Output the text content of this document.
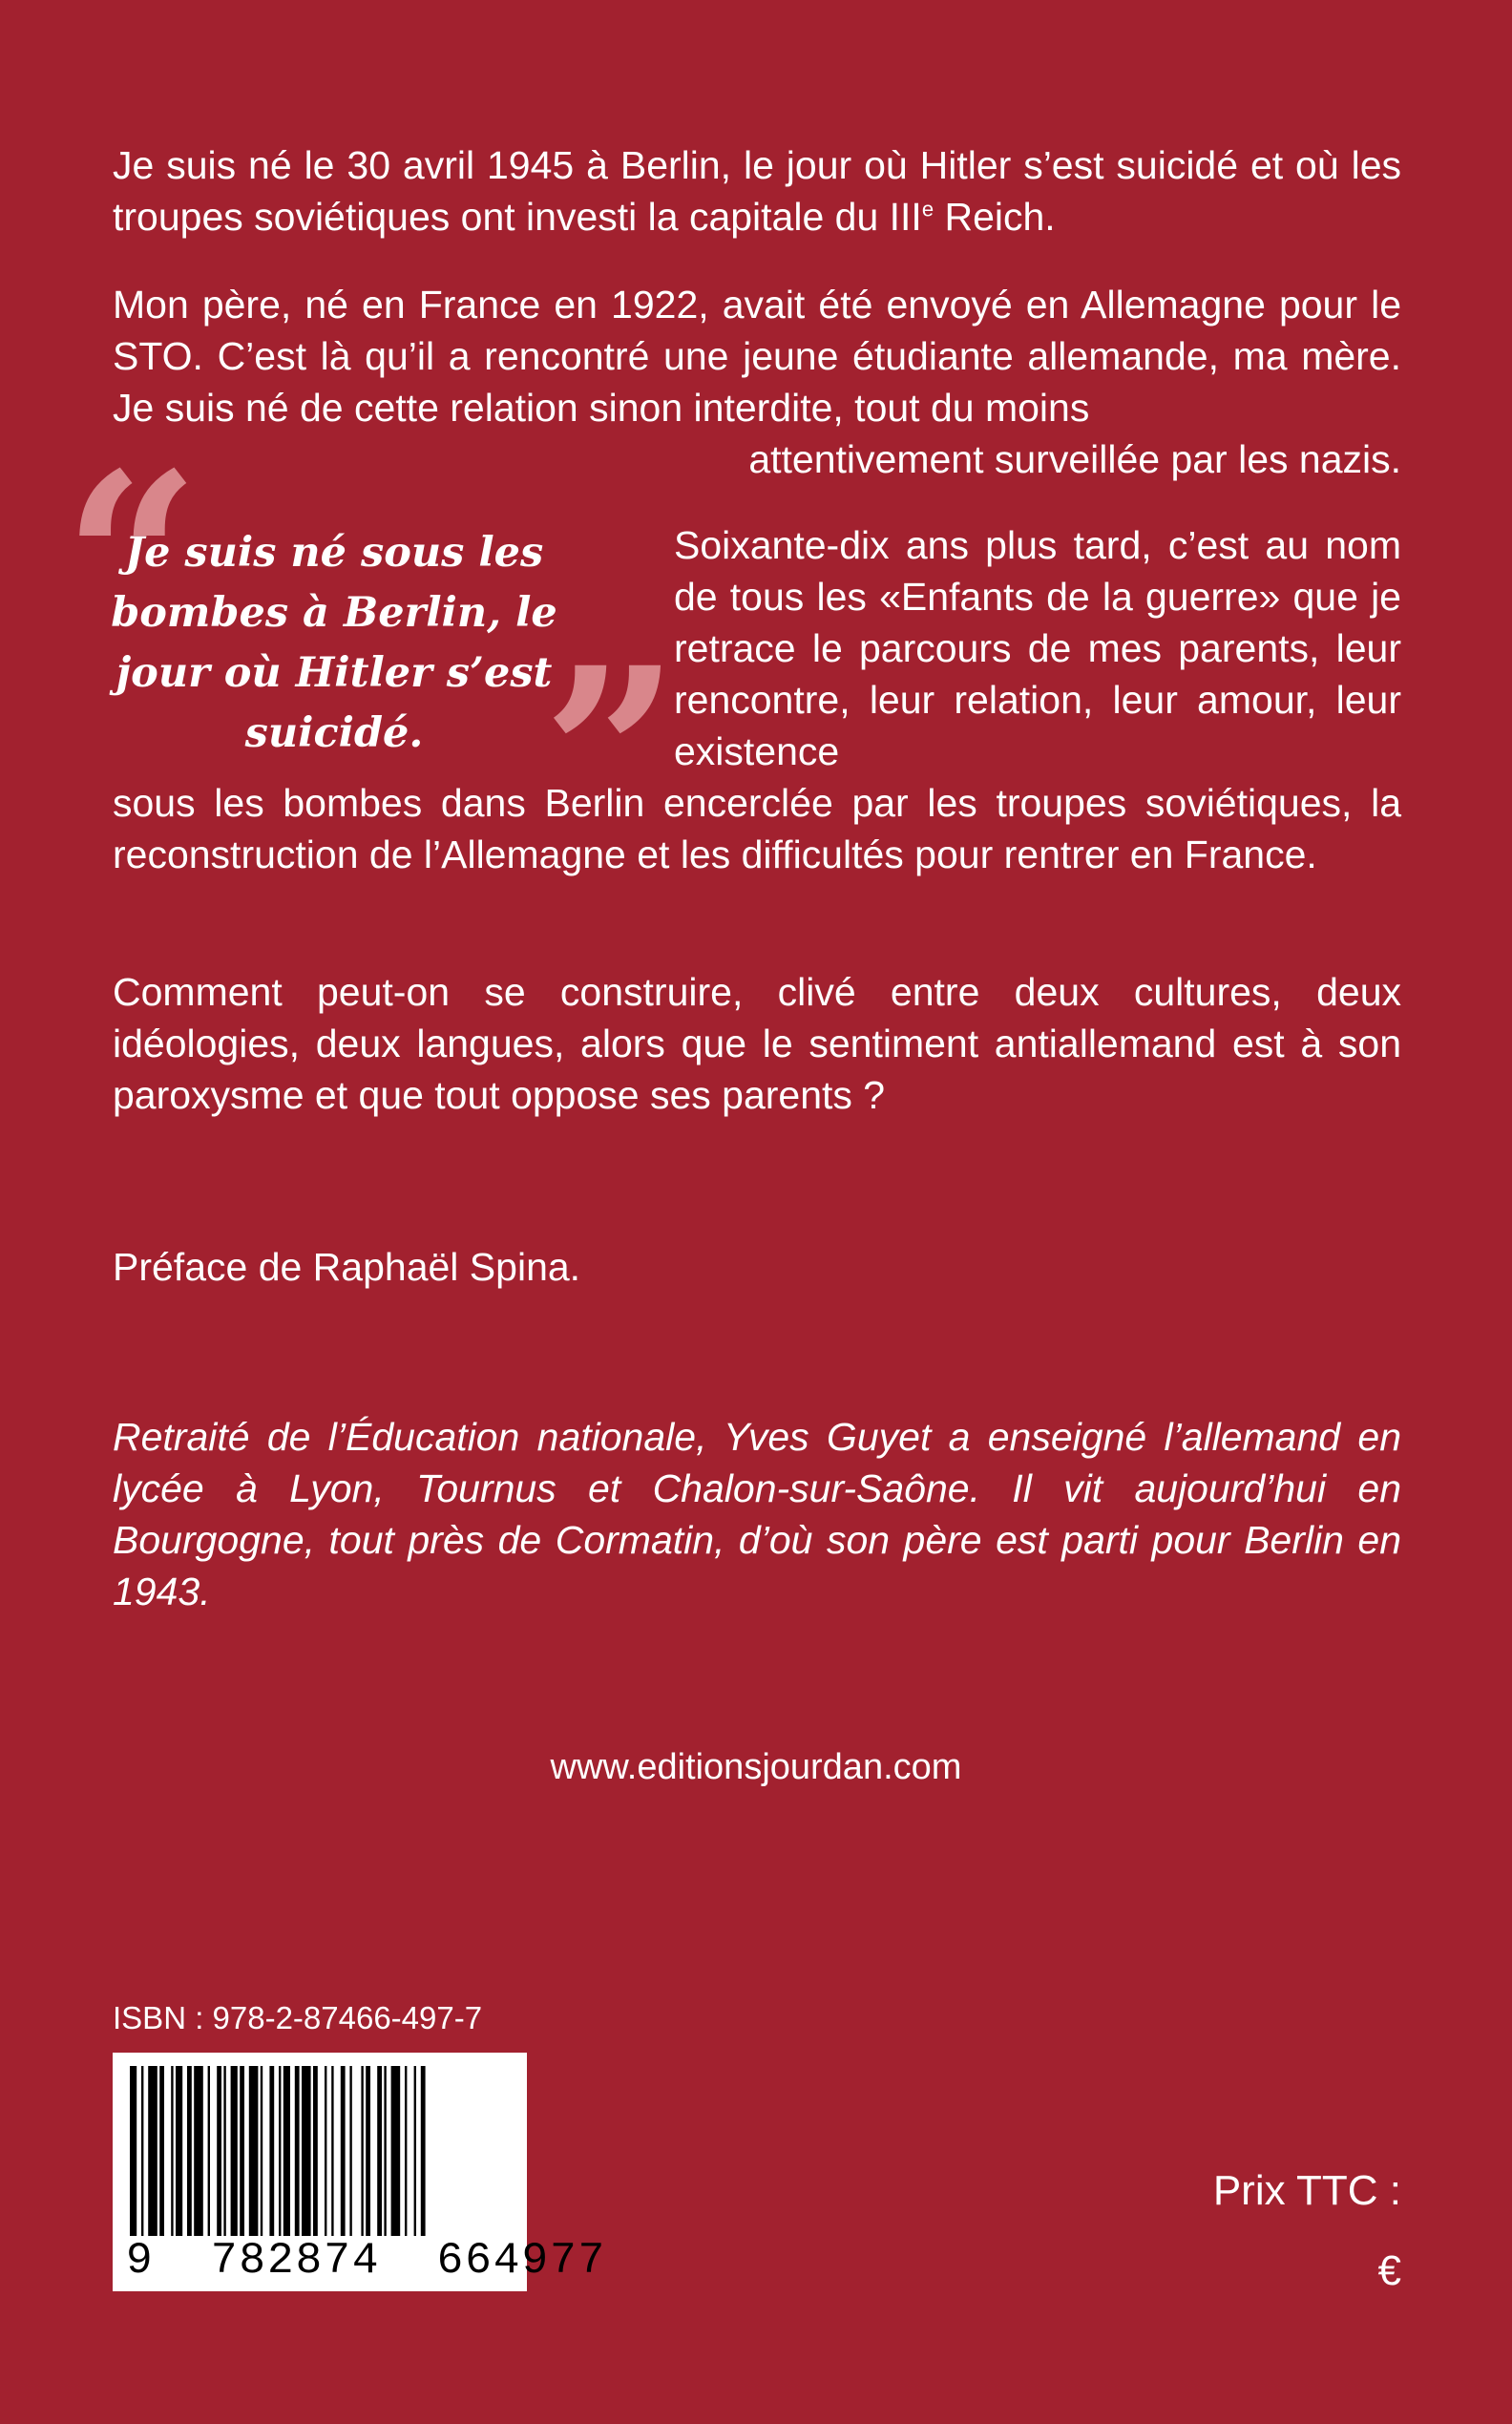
Je suis né le 30 avril 1945 à Berlin, le jour où Hitler s’est suicidé et où les troupes soviétiques ont investi la capitale du IIIe Reich.

Mon père, né en France en 1922, avait été envoyé en Allemagne pour le STO. C’est là qu’il a rencontré une jeune étudiante allemande, ma mère. Je suis né de cette relation sinon interdite, tout du moins

attentivement surveillée par les nazis.

“

Je suis né sous les bombes à Berlin, le jour où Hitler s’est suicidé. ”

Soixante-dix ans plus tard, c’est au nom de tous les «Enfants de la guerre» que je retrace le parcours de mes parents, leur rencontre, leur relation, leur amour, leur existence

sous les bombes dans Berlin encerclée par les troupes soviétiques, la reconstruction de l’Allemagne et les difficultés pour rentrer en France.

Comment peut-on se construire, clivé entre deux cultures, deux idéologies, deux langues, alors que le sentiment antiallemand est à son paroxysme et que tout oppose ses parents ?

Préface de Raphaël Spina.

Retraité de l’Éducation nationale, Yves Guyet a enseigné l’allemand en lycée à Lyon, Tournus et Chalon-sur-Saône. Il vit aujourd’hui en Bourgogne, tout près de Cormatin, d’où son père est parti pour Berlin en 1943.

www.editionsjourdan.com
ISBN : 978-2-87466-497-7
9  782874  664977
Prix TTC :
€
